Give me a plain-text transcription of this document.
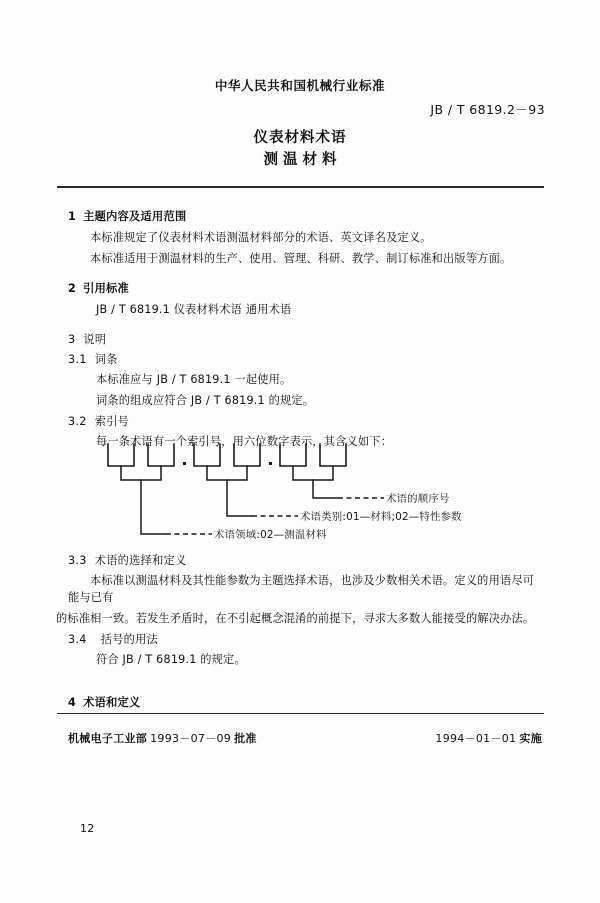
中华人民共和国机械行业标准
JB / T 6819.2－93
仪表材料术语
测温材料
1 主题内容及适用范围

本标准规定了仪表材料术语测温材料部分的术语、英文译名及定义。

本标准适用于测温材料的生产、使用、管理、科研、教学、制订标准和出版等方面。

2 引用标准

JB / T 6819.1 仪表材料术语 通用术语

3 说明
3.1 词条

本标准应与 JB / T 6819.1 一起使用。

词条的组成应符合 JB / T 6819.1 的规定。

3.2 索引号

每一条术语有一个索引号，用六位数字表示，其含义如下：

术语的顺序号
术语类别:01—材料;02—特性参数
术语领域:02—测温材料
3.3 术语的选择和定义

本标准以测温材料及其性能参数为主题选择术语，也涉及少数相关术语。定义的用语尽可能与已有

的标准相一致。若发生矛盾时，在不引起概念混淆的前提下，寻求大多数人能接受的解决办法。

3.4 括号的用法

符合 JB / T 6819.1 的规定。

4 术语和定义
机械电子工业部 1993－07－09 批准	1994－01－01 实施
12
